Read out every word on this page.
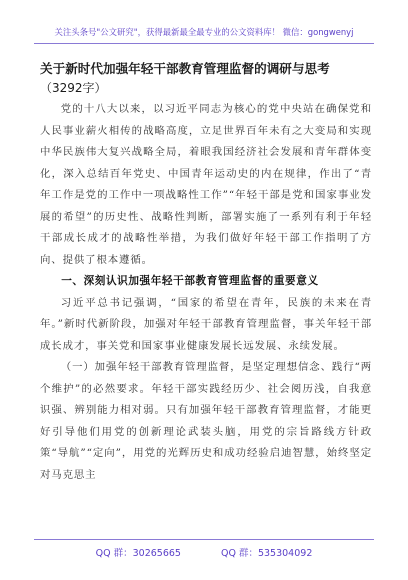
关注头条号"公文研究"，获得最新最全最专业的公文资料库！ 微信：gongwenyj
关于新时代加强年轻干部教育管理监督的调研与思考
（3292字）

党的十八大以来，以习近平同志为核心的党中央站在确保党和人民事业薪火相传的战略高度，立足世界百年未有之大变局和实现中华民族伟大复兴战略全局，着眼我国经济社会发展和青年群体变化，深入总结百年党史、中国青年运动史的内在规律，作出了“青年工作是党的工作中一项战略性工作”“年轻干部是党和国家事业发展的希望”的历史性、战略性判断，部署实施了一系列有利于年轻干部成长成才的战略性举措，为我们做好年轻干部工作指明了方向、提供了根本遵循。

一、深刻认识加强年轻干部教育管理监督的重要意义

习近平总书记强调，“国家的希望在青年，民族的未来在青年。”新时代新阶段，加强对年轻干部教育管理监督，事关年轻干部成长成才，事关党和国家事业健康发展长远发展、永续发展。

（一）加强年轻干部教育管理监督，是坚定理想信念、践行“两个维护”的必然要求。年轻干部实践经历少、社会阅历浅，自我意识强、辨别能力相对弱。只有加强年轻干部教育管理监督，才能更好引导他们用党的创新理论武装头脑，用党的宗旨路线方针政策“导航”“定向”，用党的光辉历史和成功经验启迪智慧，始终坚定对马克思主

QQ 群：30265665	QQ 群：535304092
